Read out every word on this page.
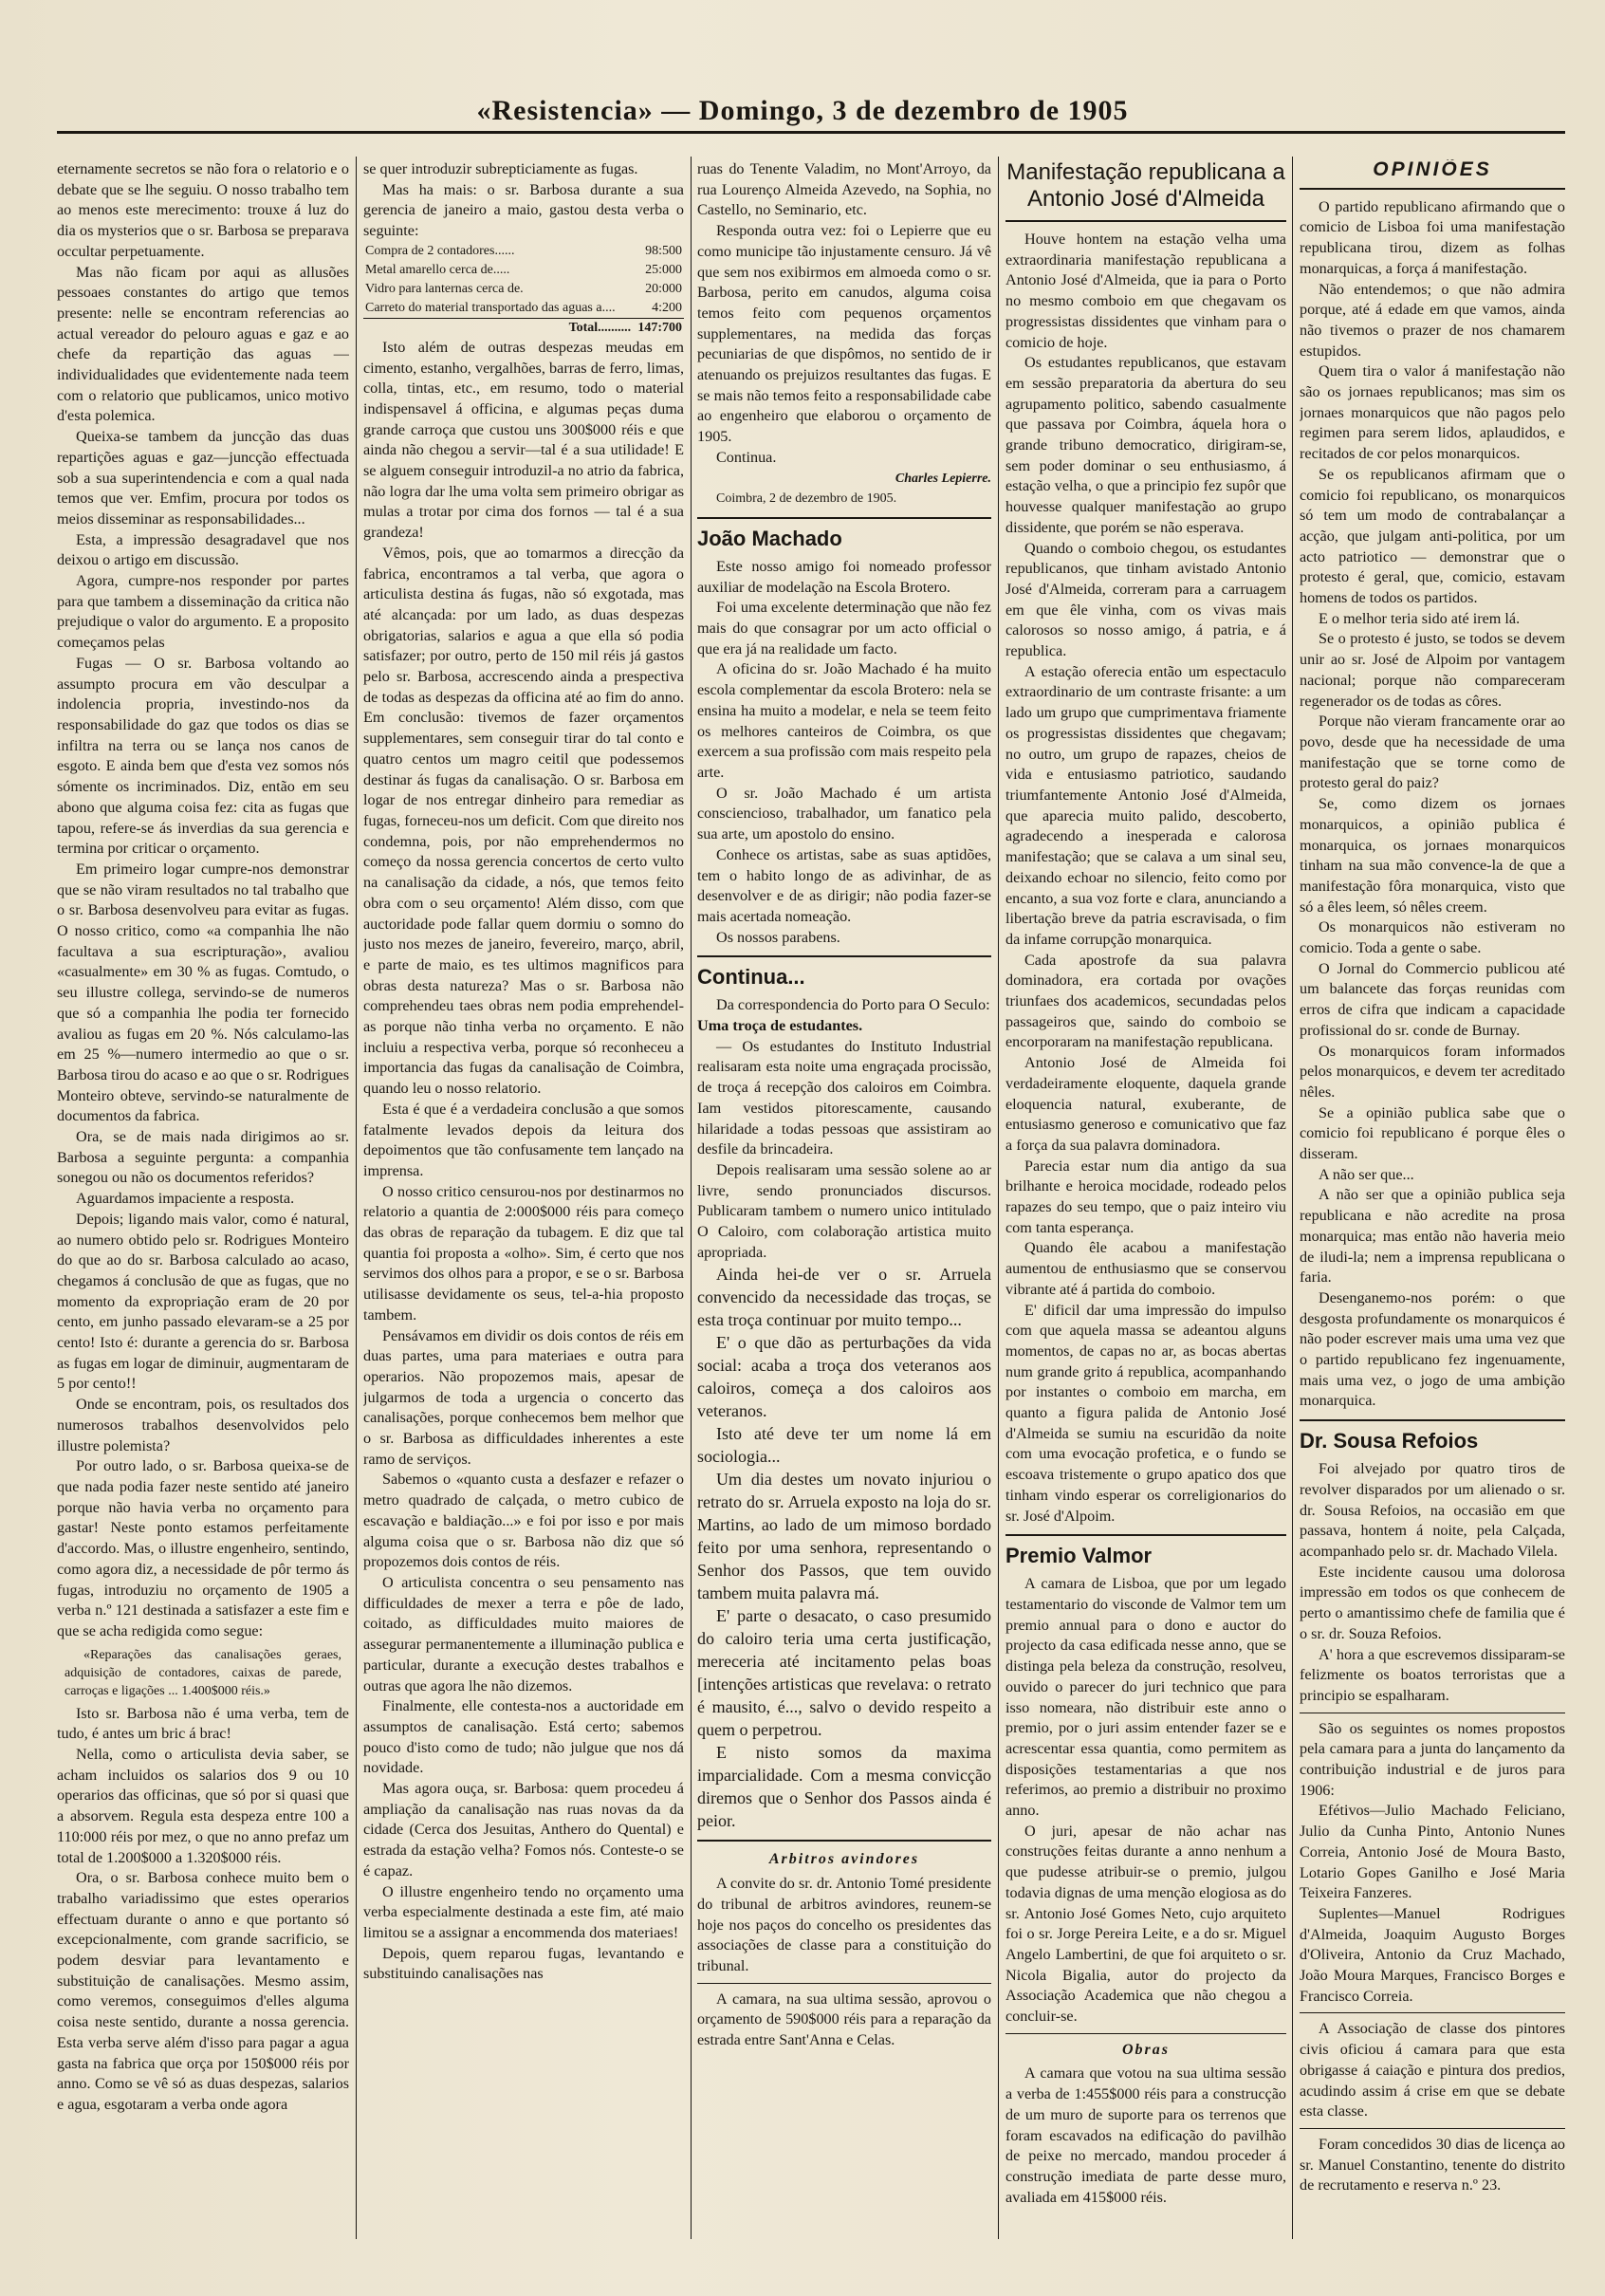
«Resistencia» — Domingo, 3 de dezembro de 1905

eternamente secretos se não fora o relatorio e o debate que se lhe seguiu. O nosso trabalho tem ao menos este merecimento: trouxe á luz do dia os mysterios que o sr. Barbosa se preparava occultar perpetuamente.

Mas não ficam por aqui as allusões pessoaes constantes do artigo que temos presente: nelle se encontram referencias ao actual vereador do pelouro aguas e gaz e ao chefe da repartição das aguas — individualidades que evidentemente nada teem com o relatorio que publicamos, unico motivo d'esta polemica.

Queixa-se tambem da juncção das duas repartições aguas e gaz—juncção effectuada sob a sua superintendencia e com a qual nada temos que ver. Emfim, procura por todos os meios disseminar as responsabilidades...

Esta, a impressão desagradavel que nos deixou o artigo em discussão.

Agora, cumpre-nos responder por partes para que tambem a disseminação da critica não prejudique o valor do argumento. E a proposito começamos pelas

Fugas — O sr. Barbosa voltando ao assumpto procura em vão desculpar a indolencia propria, investindo-nos da responsabilidade do gaz que todos os dias se infiltra na terra ou se lança nos canos de esgoto. E ainda bem que d'esta vez somos nós sómente os incriminados. Diz, então em seu abono que alguma coisa fez: cita as fugas que tapou, refere-se ás inverdias da sua gerencia e termina por criticar o orçamento.

Em primeiro logar cumpre-nos demonstrar que se não viram resultados no tal trabalho que o sr. Barbosa desenvolveu para evitar as fugas. O nosso critico, como «a companhia lhe não facultava a sua escripturação», avaliou «casualmente» em 30 % as fugas. Comtudo, o seu illustre collega, servindo-se de numeros que só a companhia lhe podia ter fornecido avaliou as fugas em 20 %. Nós calculamo-las em 25 %—numero intermedio ao que o sr. Barbosa tirou do acaso e ao que o sr. Rodrigues Monteiro obteve, servindo-se naturalmente de documentos da fabrica.

Ora, se de mais nada dirigimos ao sr. Barbosa a seguinte pergunta: a companhia sonegou ou não os documentos referidos?

Aguardamos impaciente a resposta.

Depois; ligando mais valor, como é natural, ao numero obtido pelo sr. Rodrigues Monteiro do que ao do sr. Barbosa calculado ao acaso, chegamos á conclusão de que as fugas, que no momento da expropriação eram de 20 por cento, em junho passado elevaram-se a 25 por cento! Isto é: durante a gerencia do sr. Barbosa as fugas em logar de diminuir, augmentaram de 5 por cento!!

Onde se encontram, pois, os resultados dos numerosos trabalhos desenvolvidos pelo illustre polemista?

Por outro lado, o sr. Barbosa queixa-se de que nada podia fazer neste sentido até janeiro porque não havia verba no orçamento para gastar! Neste ponto estamos perfeitamente d'accordo. Mas, o illustre engenheiro, sentindo, como agora diz, a necessidade de pôr termo ás fugas, introduziu no orçamento de 1905 a verba n.º 121 destinada a satisfazer a este fim e que se acha redigida como segue:

«Reparações das canalisações geraes, adquisição de contadores, caixas de parede, carroças e ligações ... 1.400$000 réis.»

Isto sr. Barbosa não é uma verba, tem de tudo, é antes um bric á brac!

Nella, como o articulista devia saber, se acham incluidos os salarios dos 9 ou 10 operarios das officinas, que só por si quasi que a absorvem. Regula esta despeza entre 100 a 110:000 réis por mez, o que no anno prefaz um total de 1.200$000 a 1.320$000 réis.

Ora, o sr. Barbosa conhece muito bem o trabalho variadissimo que estes operarios effectuam durante o anno e que portanto só excepcionalmente, com grande sacrificio, se podem desviar para levantamento e substituição de canalisações. Mesmo assim, como veremos, conseguimos d'elles alguma coisa neste sentido, durante a nossa gerencia. Esta verba serve além d'isso para pagar a agua gasta na fabrica que orça por 150$000 réis por anno. Como se vê só as duas despezas, salarios e agua, esgotaram a verba onde agora

se quer introduzir subrepticiamente as fugas.

Mas ha mais: o sr. Barbosa durante a sua gerencia de janeiro a maio, gastou desta verba o seguinte:

Compra de 2 contadores......	98:500
Metal amarello cerca de.....	25:000
Vidro para lanternas cerca de.	20:000
Carreto do material transportado das aguas a....	4:200
Total..........	147:700

Isto além de outras despezas meudas em cimento, estanho, vergalhões, barras de ferro, limas, colla, tintas, etc., em resumo, todo o material indispensavel á officina, e algumas peças duma grande carroça que custou uns 300$000 réis e que ainda não chegou a servir—tal é a sua utilidade! E se alguem conseguir introduzil-a no atrio da fabrica, não logra dar lhe uma volta sem primeiro obrigar as mulas a trotar por cima dos fornos — tal é a sua grandeza!

Vêmos, pois, que ao tomarmos a direcção da fabrica, encontramos a tal verba, que agora o articulista destina ás fugas, não só exgotada, mas até alcançada: por um lado, as duas despezas obrigatorias, salarios e agua a que ella só podia satisfazer; por outro, perto de 150 mil réis já gastos pelo sr. Barbosa, accrescendo ainda a prespectiva de todas as despezas da officina até ao fim do anno. Em conclusão: tivemos de fazer orçamentos supplementares, sem conseguir tirar do tal conto e quatro centos um magro ceitil que podessemos destinar ás fugas da canalisação. O sr. Barbosa em logar de nos entregar dinheiro para remediar as fugas, forneceu-nos um deficit. Com que direito nos condemna, pois, por não emprehendermos no começo da nossa gerencia concertos de certo vulto na canalisação da cidade, a nós, que temos feito obra com o seu orçamento! Além disso, com que auctoridade pode fallar quem dormiu o somno do justo nos mezes de janeiro, fevereiro, março, abril, e parte de maio, es tes ultimos magnificos para obras desta natureza? Mas o sr. Barbosa não comprehendeu taes obras nem podia emprehendel-as porque não tinha verba no orçamento. E não incluiu a respectiva verba, porque só reconheceu a importancia das fugas da canalisação de Coimbra, quando leu o nosso relatorio.

Esta é que é a verdadeira conclusão a que somos fatalmente levados depois da leitura dos depoimentos que tão confusamente tem lançado na imprensa.

O nosso critico censurou-nos por destinarmos no relatorio a quantia de 2:000$000 réis para começo das obras de reparação da tubagem. E diz que tal quantia foi proposta a «olho». Sim, é certo que nos servimos dos olhos para a propor, e se o sr. Barbosa utilisasse devidamente os seus, tel-a-hia proposto tambem.

Pensávamos em dividir os dois contos de réis em duas partes, uma para materiaes e outra para operarios. Não propozemos mais, apesar de julgarmos de toda a urgencia o concerto das canalisações, porque conhecemos bem melhor que o sr. Barbosa as difficuldades inherentes a este ramo de serviços.

Sabemos o «quanto custa a desfazer e refazer o metro quadrado de calçada, o metro cubico de escavação e baldiação...» e foi por isso e por mais alguma coisa que o sr. Barbosa não diz que só propozemos dois contos de réis.

O articulista concentra o seu pensamento nas difficuldades de mexer a terra e pôe de lado, coitado, as difficuldades muito maiores de assegurar permanentemente a illuminação publica e particular, durante a execução destes trabalhos e outras que agora lhe não dizemos.

Finalmente, elle contesta-nos a auctoridade em assumptos de canalisação. Está certo; sabemos pouco d'isto como de tudo; não julgue que nos dá novidade.

Mas agora ouça, sr. Barbosa: quem procedeu á ampliação da canalisação nas ruas novas da da cidade (Cerca dos Jesuitas, Anthero do Quental) e estrada da estação velha? Fomos nós. Conteste-o se é capaz.

O illustre engenheiro tendo no orçamento uma verba especialmente destinada a este fim, até maio limitou se a assignar a encommenda dos materiaes!

Depois, quem reparou fugas, levantando e substituindo canalisações nas

ruas do Tenente Valadim, no Mont'Arroyo, da rua Lourenço Almeida Azevedo, na Sophia, no Castello, no Seminario, etc.

Responda outra vez: foi o Lepierre que eu como municipe tão injustamente censuro. Já vê que sem nos exibirmos em almoeda como o sr. Barbosa, perito em canudos, alguma coisa temos feito com pequenos orçamentos supplementares, na medida das forças pecuniarias de que dispômos, no sentido de ir atenuando os prejuizos resultantes das fugas. E se mais não temos feito a responsabilidade cabe ao engenheiro que elaborou o orçamento de 1905.

Continua.

Charles Lepierre.

Coimbra, 2 de dezembro de 1905.

João Machado

Este nosso amigo foi nomeado professor auxiliar de modelação na Escola Brotero.

Foi uma excelente determinação que não fez mais do que consagrar por um acto official o que era já na realidade um facto.

A oficina do sr. João Machado é ha muito escola complementar da escola Brotero: nela se ensina ha muito a modelar, e nela se teem feito os melhores canteiros de Coimbra, os que exercem a sua profissão com mais respeito pela arte.

O sr. João Machado é um artista consciencioso, trabalhador, um fanatico pela sua arte, um apostolo do ensino.

Conhece os artistas, sabe as suas aptidões, tem o habito longo de as adivinhar, de as desenvolver e de as dirigir; não podia fazer-se mais acertada nomeação.

Os nossos parabens.

Continua...

Da correspondencia do Porto para O Seculo:

Uma troça de estudantes.

— Os estudantes do Instituto Industrial realisaram esta noite uma engraçada procissão, de troça á recepção dos caloiros em Coimbra. Iam vestidos pitorescamente, causando hilaridade a todas pessoas que assistiram ao desfile da brincadeira.

Depois realisaram uma sessão solene ao ar livre, sendo pronunciados discursos. Publicaram tambem o numero unico intitulado O Caloiro, com colaboração artistica muito apropriada.

Ainda hei-de ver o sr. Arruela convencido da necessidade das troças, se esta troça continuar por muito tempo...

E' o que dão as perturbações da vida social: acaba a troça dos veteranos aos caloiros, começa a dos caloiros aos veteranos.

Isto até deve ter um nome lá em sociologia...

Um dia destes um novato injuriou o retrato do sr. Arruela exposto na loja do sr. Martins, ao lado de um mimoso bordado feito por uma senhora, representando o Senhor dos Passos, que tem ouvido tambem muita palavra má.

E' parte o desacato, o caso presumido do caloiro teria uma certa justificação, mereceria até incitamento pelas boas [intenções artisticas que revelava: o retrato é mausito, é..., salvo o devido respeito a quem o perpetrou.

E nisto somos da maxima imparcialidade. Com a mesma convicção diremos que o Senhor dos Passos ainda é peior.

Arbitros avindores

A convite do sr. dr. Antonio Tomé presidente do tribunal de arbitros avindores, reunem-se hoje nos paços do concelho os presidentes das associações de classe para a constituição do tribunal.

A camara, na sua ultima sessão, aprovou o orçamento de 590$000 réis para a reparação da estrada entre Sant'Anna e Celas.

Manifestação republicana a Antonio José d'Almeida

Houve hontem na estação velha uma extraordinaria manifestação republicana a Antonio José d'Almeida, que ia para o Porto no mesmo comboio em que chegavam os progressistas dissidentes que vinham para o comicio de hoje.

Os estudantes republicanos, que estavam em sessão preparatoria da abertura do seu agrupamento politico, sabendo casualmente que passava por Coimbra, áquela hora o grande tribuno democratico, dirigiram-se, sem poder dominar o seu enthusiasmo, á estação velha, o que a principio fez supôr que houvesse qualquer manifestação ao grupo dissidente, que porém se não esperava.

Quando o comboio chegou, os estudantes republicanos, que tinham avistado Antonio José d'Almeida, correram para a carruagem em que êle vinha, com os vivas mais calorosos so nosso amigo, á patria, e á republica.

A estação oferecia então um espectaculo extraordinario de um contraste frisante: a um lado um grupo que cumprimentava friamente os progressistas dissidentes que chegavam; no outro, um grupo de rapazes, cheios de vida e entusiasmo patriotico, saudando triumfantemente Antonio José d'Almeida, que aparecia muito palido, descoberto, agradecendo a inesperada e calorosa manifestação; que se calava a um sinal seu, deixando echoar no silencio, feito como por encanto, a sua voz forte e clara, anunciando a libertação breve da patria escravisada, o fim da infame corrupção monarquica.

Cada apostrofe da sua palavra dominadora, era cortada por ovações triunfaes dos academicos, secundadas pelos passageiros que, saindo do comboio se encorporaram na manifestação republicana.

Antonio José de Almeida foi verdadeiramente eloquente, daquela grande eloquencia natural, exuberante, de entusiasmo generoso e comunicativo que faz a força da sua palavra dominadora.

Parecia estar num dia antigo da sua brilhante e heroica mocidade, rodeado pelos rapazes do seu tempo, que o paiz inteiro viu com tanta esperança.

Quando êle acabou a manifestação aumentou de enthusiasmo que se conservou vibrante até á partida do comboio.

E' dificil dar uma impressão do impulso com que aquela massa se adeantou alguns momentos, de capas no ar, as bocas abertas num grande grito á republica, acompanhando por instantes o comboio em marcha, em quanto a figura palida de Antonio José d'Almeida se sumiu na escuridão da noite com uma evocação profetica, e o fundo se escoava tristemente o grupo apatico dos que tinham vindo esperar os correligionarios do sr. José d'Alpoim.

Premio Valmor

A camara de Lisboa, que por um legado testamentario do visconde de Valmor tem um premio annual para o dono e auctor do projecto da casa edificada nesse anno, que se distinga pela beleza da construção, resolveu, ouvido o parecer do juri technico que para isso nomeara, não distribuir este anno o premio, por o juri assim entender fazer se e acrescentar essa quantia, como permitem as disposições testamentarias a que nos referimos, ao premio a distribuir no proximo anno.

O juri, apesar de não achar nas construções feitas durante a anno nenhum a que pudesse atribuir-se o premio, julgou todavia dignas de uma menção elogiosa as do sr. Antonio José Gomes Neto, cujo arquiteto foi o sr. Jorge Pereira Leite, e a do sr. Miguel Angelo Lambertini, de que foi arquiteto o sr. Nicola Bigalia, autor do projecto da Associação Academica que não chegou a concluir-se.

Obras

A camara que votou na sua ultima sessão a verba de 1:455$000 réis para a construcção de um muro de suporte para os terrenos que foram escavados na edificação do pavilhão de peixe no mercado, mandou proceder á construção imediata de parte desse muro, avaliada em 415$000 réis.

OPINIÕES

O partido republicano afirmando que o comicio de Lisboa foi uma manifestação republicana tirou, dizem as folhas monarquicas, a força á manifestação.

Não entendemos; o que não admira porque, até á edade em que vamos, ainda não tivemos o prazer de nos chamarem estupidos.

Quem tira o valor á manifestação não são os jornaes republicanos; mas sim os jornaes monarquicos que não pagos pelo regimen para serem lidos, aplaudidos, e recitados de cor pelos monarquicos.

Se os republicanos afirmam que o comicio foi republicano, os monarquicos só tem um modo de contrabalançar a acção, que julgam anti-politica, por um acto patriotico — demonstrar que o protesto é geral, que, comicio, estavam homens de todos os partidos.

E o melhor teria sido até irem lá.

Se o protesto é justo, se todos se devem unir ao sr. José de Alpoim por vantagem nacional; porque não compareceram regenerador os de todas as côres.

Porque não vieram francamente orar ao povo, desde que ha necessidade de uma manifestação que se torne como de protesto geral do paiz?

Se, como dizem os jornaes monarquicos, a opinião publica é monarquica, os jornaes monarquicos tinham na sua mão convence-la de que a manifestação fôra monarquica, visto que só a êles leem, só nêles creem.

Os monarquicos não estiveram no comicio. Toda a gente o sabe.

O Jornal do Commercio publicou até um balancete das forças reunidas com erros de cifra que indicam a capacidade profissional do sr. conde de Burnay.

Os monarquicos foram informados pelos monarquicos, e devem ter acreditado nêles.

Se a opinião publica sabe que o comicio foi republicano é porque êles o disseram.

A não ser que...

A não ser que a opinião publica seja republicana e não acredite na prosa monarquica; mas então não haveria meio de iludi-la; nem a imprensa republicana o faria.

Desenganemo-nos porém: o que desgosta profundamente os monarquicos é não poder escrever mais uma uma vez que o partido republicano fez ingenuamente, mais uma vez, o jogo de uma ambição monarquica.

Dr. Sousa Refoios

Foi alvejado por quatro tiros de revolver disparados por um alienado o sr. dr. Sousa Refoios, na occasião em que passava, hontem á noite, pela Calçada, acompanhado pelo sr. dr. Machado Vilela.

Este incidente causou uma dolorosa impressão em todos os que conhecem de perto o amantissimo chefe de familia que é o sr. dr. Souza Refoios.

A' hora a que escrevemos dissiparam-se felizmente os boatos terroristas que a principio se espalharam.

São os seguintes os nomes propostos pela camara para a junta do lançamento da contribuição industrial e de juros para 1906:

Efétivos—Julio Machado Feliciano, Julio da Cunha Pinto, Antonio Nunes Correia, Antonio José de Moura Basto, Lotario Gopes Ganilho e José Maria Teixeira Fanzeres.

Suplentes—Manuel Rodrigues d'Almeida, Joaquim Augusto Borges d'Oliveira, Antonio da Cruz Machado, João Moura Marques, Francisco Borges e Francisco Correia.

A Associação de classe dos pintores civis oficiou á camara para que esta obrigasse á caiação e pintura dos predios, acudindo assim á crise em que se debate esta classe.

Foram concedidos 30 dias de licença ao sr. Manuel Constantino, tenente do distrito de recrutamento e reserva n.º 23.
